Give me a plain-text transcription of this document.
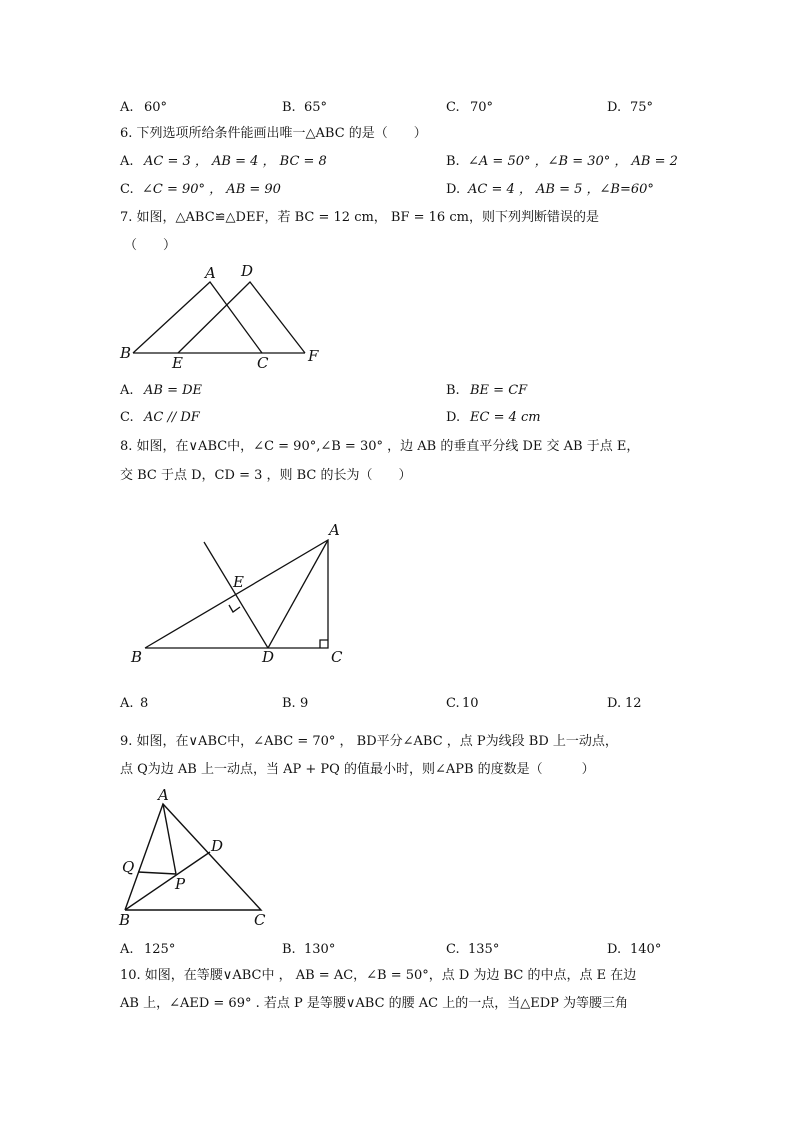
A. 60°	B. 65°	C. 70°	D. 75°
6. 下列选项所给条件能画出唯一△ABC 的是（　　）
A. AC = 3 ， AB = 4 ， BC = 8	B. ∠A = 50° ，∠B = 30° ， AB = 2
C. ∠C = 90° ， AB = 90	D. AC = 4 ， AB = 5 ，∠B=60°
7. 如图，△ABC≌△DEF，若 BC = 12 cm， BF = 16 cm，则下列判断错误的是
（　　）
A D
B
E	C	F
A. AB = DE	B. BE = CF
C. AC // DF	D. EC = 4 cm
8. 如图，在∨ABC中，∠C = 90°,∠B = 30° ，边 AB 的垂直平分线 DE 交 AB 于点 E，
交 BC 于点 D，CD = 3 ，则 BC 的长为（　　）
A
E
B	D	C
A. 8	B. 9	C. 10	D. 12
9. 如图，在∨ABC中，∠ABC = 70° ， BD平分∠ABC ，点 P为线段 BD 上一动点，
点 Q为边 AB 上一动点，当 AP + PQ 的值最小时，则∠APB 的度数是（　　　）
A
D
Q
P
B	C
A. 125°	B. 130°	C. 135°	D. 140°
10. 如图，在等腰∨ABC中 ， AB = AC，∠B = 50°，点 D 为边 BC 的中点，点 E 在边
AB 上，∠AED = 69° . 若点 P 是等腰∨ABC 的腰 AC 上的一点，当△EDP 为等腰三角
